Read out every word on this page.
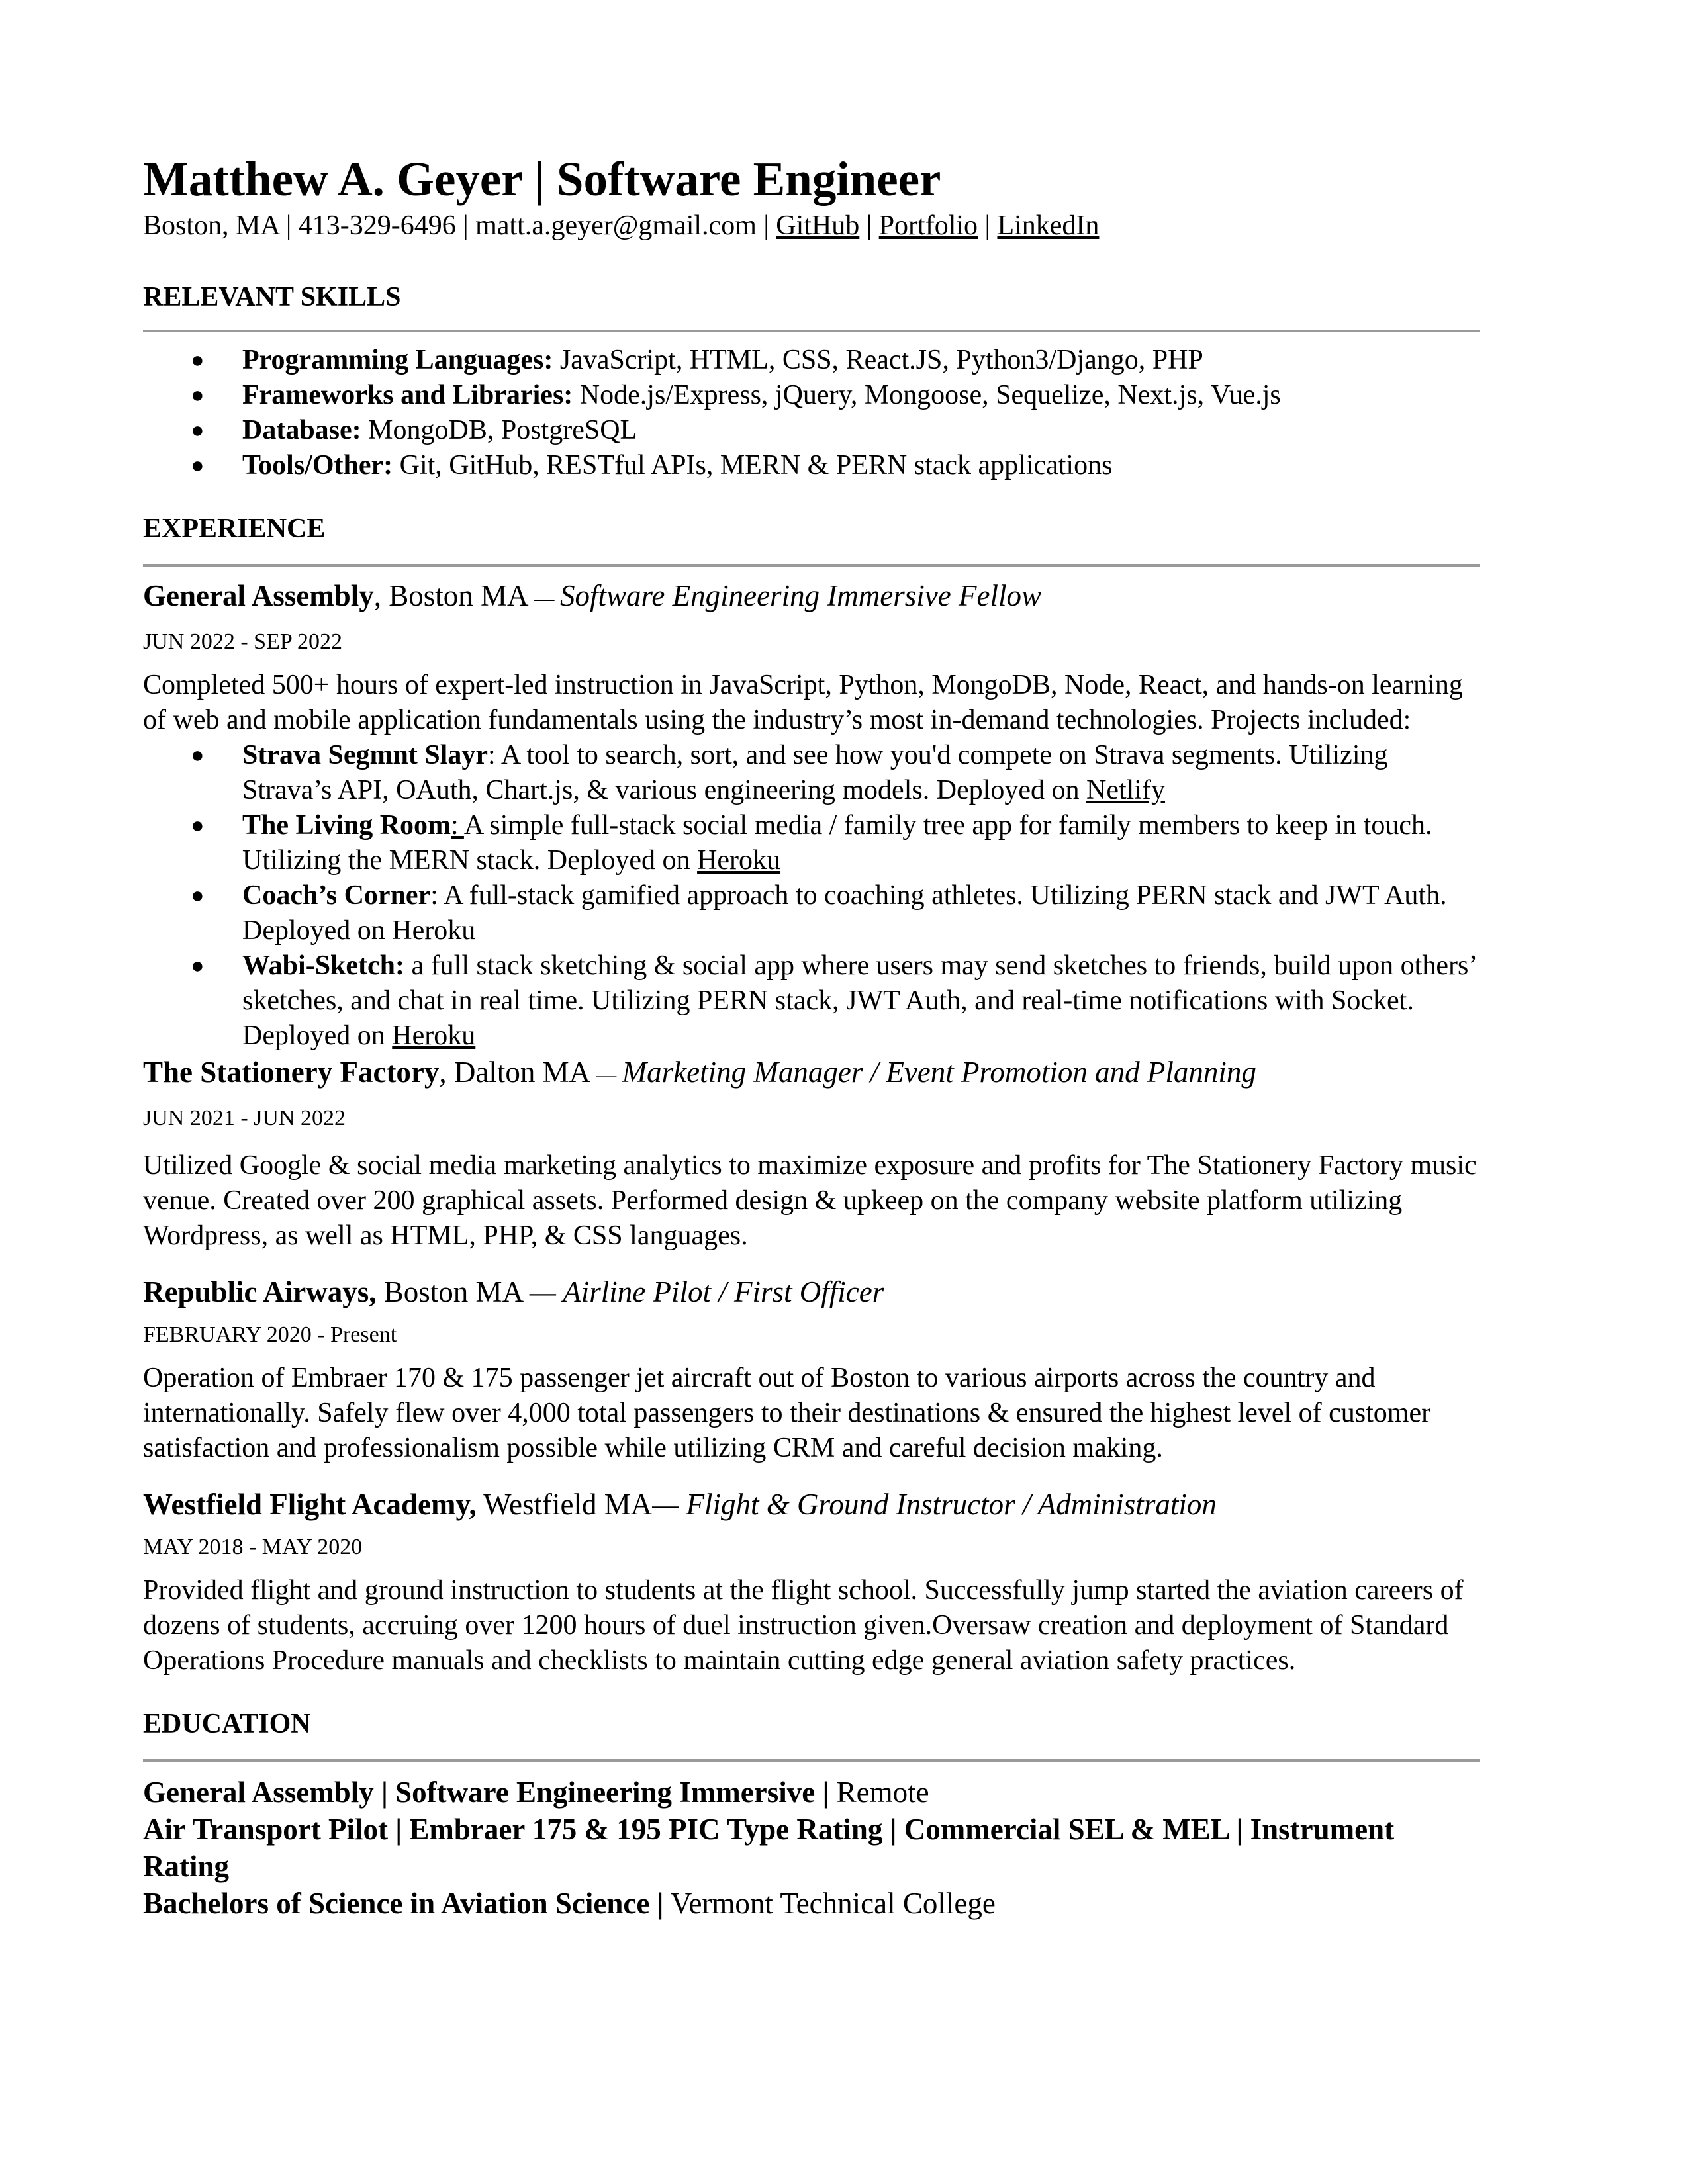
Matthew A. Geyer | Software Engineer
Boston, MA | 413-329-6496 | matt.a.geyer@gmail.com | GitHub | Portfolio | LinkedIn
RELEVANT SKILLS
● Programming Languages: JavaScript, HTML, CSS, React.JS, Python3/Django, PHP
● Frameworks and Libraries: Node.js/Express, jQuery, Mongoose, Sequelize, Next.js, Vue.js
● Database: MongoDB, PostgreSQL
● Tools/Other: Git, GitHub, RESTful APIs, MERN & PERN stack applications
EXPERIENCE
General Assembly, Boston MA — Software Engineering Immersive Fellow
JUN 2022 - SEP 2022
Completed 500+ hours of expert-led instruction in JavaScript, Python, MongoDB, Node, React, and hands-on learning of web and mobile application fundamentals using the industry’s most in-demand technologies. Projects included:
● Strava Segmnt Slayr: A tool to search, sort, and see how you'd compete on Strava segments. Utilizing Strava’s API, OAuth, Chart.js, & various engineering models. Deployed on Netlify
● The Living Room: A simple full-stack social media / family tree app for family members to keep in touch. Utilizing the MERN stack. Deployed on Heroku
● Coach’s Corner: A full-stack gamified approach to coaching athletes. Utilizing PERN stack and JWT Auth. Deployed on Heroku
● Wabi-Sketch: a full stack sketching & social app where users may send sketches to friends, build upon others’ sketches, and chat in real time. Utilizing PERN stack, JWT Auth, and real-time notifications with Socket. Deployed on Heroku
The Stationery Factory, Dalton MA — Marketing Manager / Event Promotion and Planning
JUN 2021 - JUN 2022
Utilized Google & social media marketing analytics to maximize exposure and profits for The Stationery Factory music venue. Created over 200 graphical assets. Performed design & upkeep on the company website platform utilizing Wordpress, as well as HTML, PHP, & CSS languages.
Republic Airways, Boston MA — Airline Pilot / First Officer
FEBRUARY 2020 - Present
Operation of Embraer 170 & 175 passenger jet aircraft out of Boston to various airports across the country and internationally. Safely flew over 4,000 total passengers to their destinations & ensured the highest level of customer satisfaction and professionalism possible while utilizing CRM and careful decision making.
Westfield Flight Academy, Westfield MA— Flight & Ground Instructor / Administration
MAY 2018 - MAY 2020
Provided flight and ground instruction to students at the flight school. Successfully jump started the aviation careers of dozens of students, accruing over 1200 hours of duel instruction given.Oversaw creation and deployment of Standard Operations Procedure manuals and checklists to maintain cutting edge general aviation safety practices.
EDUCATION
General Assembly | Software Engineering Immersive | Remote
Air Transport Pilot | Embraer 175 & 195 PIC Type Rating | Commercial SEL & MEL | Instrument Rating
Bachelors of Science in Aviation Science | Vermont Technical College
